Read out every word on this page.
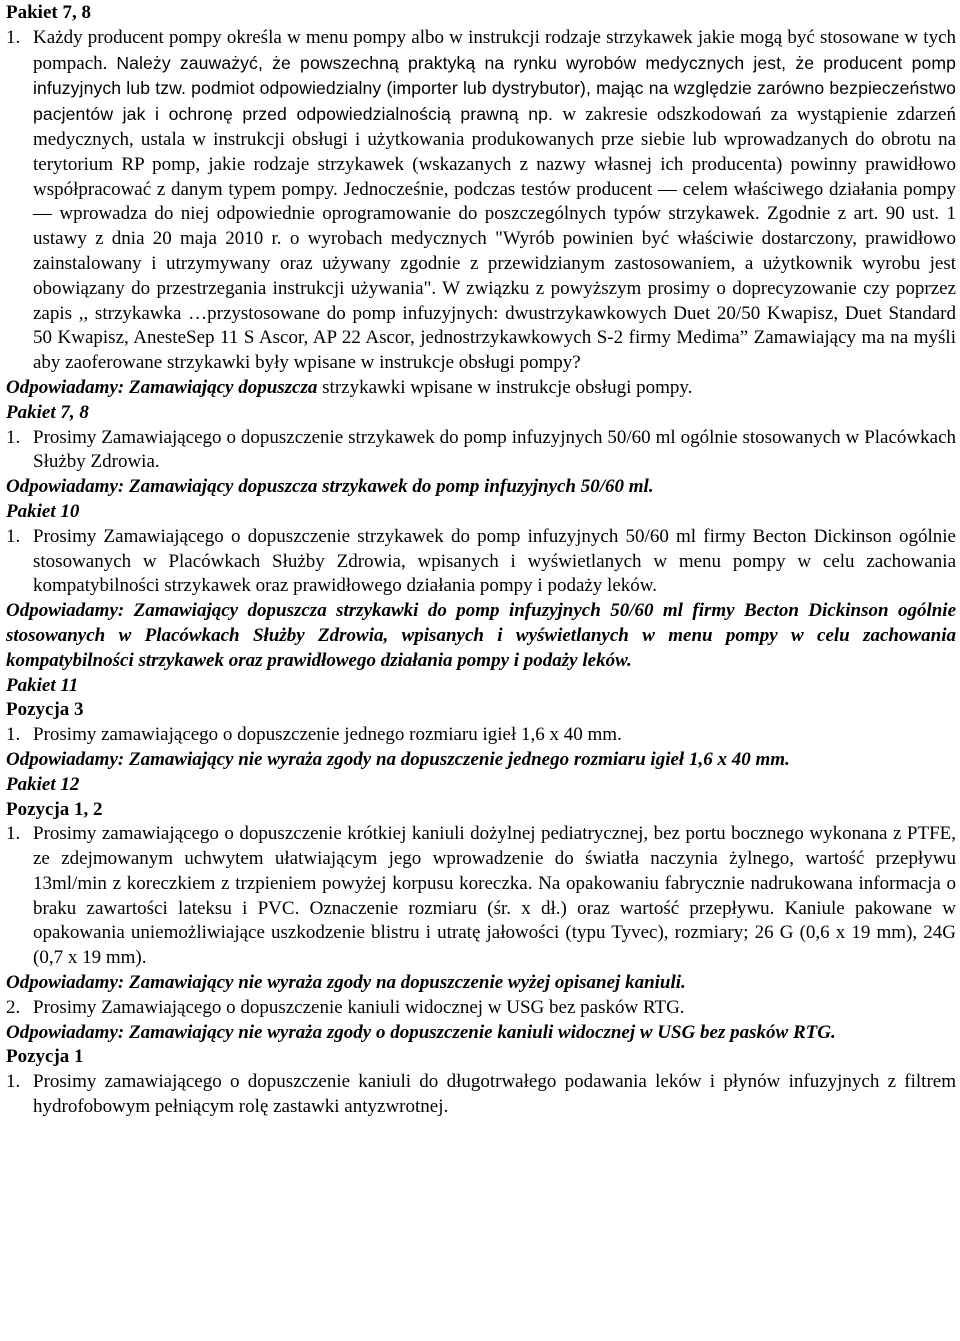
Pakiet 7, 8

1. Każdy producent pompy określa w menu pompy albo w instrukcji rodzaje strzykawek jakie mogą być stosowane w tych pompach. Należy zauważyć, że powszechną praktyką na rynku wyrobów medycznych jest, że producent pomp infuzyjnych lub tzw. podmiot odpowiedzialny (importer lub dystrybutor), mając na względzie zarówno bezpieczeństwo pacjentów jak i ochronę przed odpowiedzialnością prawną np. w zakresie odszkodowań za wystąpienie zdarzeń medycznych, ustala w instrukcji obsługi i użytkowania produkowanych prze siebie lub wprowadzanych do obrotu na terytorium RP pomp, jakie rodzaje strzykawek (wskazanych z nazwy własnej ich producenta) powinny prawidłowo współpracować z danym typem pompy. Jednocześnie, podczas testów producent — celem właściwego działania pompy — wprowadza do niej odpowiednie oprogramowanie do poszczególnych typów strzykawek. Zgodnie z art. 90 ust. 1 ustawy z dnia 20 maja 2010 r. o wyrobach medycznych "Wyrób powinien być właściwie dostarczony, prawidłowo zainstalowany i utrzymywany oraz używany zgodnie z przewidzianym zastosowaniem, a użytkownik wyrobu jest obowiązany do przestrzegania instrukcji używania". W związku z powyższym prosimy o doprecyzowanie czy poprzez zapis ,, strzykawka …przystosowane do pomp infuzyjnych: dwustrzykawkowych Duet 20/50 Kwapisz, Duet Standard 50 Kwapisz, AnesteSep 11 S Ascor, AP 22 Ascor, jednostrzykawkowych S-2 firmy Medima” Zamawiający ma na myśli aby zaoferowane strzykawki były wpisane w instrukcje obsługi pompy?

Odpowiadamy: Zamawiający dopuszcza strzykawki wpisane w instrukcje obsługi pompy.

Pakiet 7, 8

1. Prosimy Zamawiającego o dopuszczenie strzykawek do pomp infuzyjnych 50/60 ml ogólnie stosowanych w Placówkach Służby Zdrowia.

Odpowiadamy: Zamawiający dopuszcza strzykawek do pomp infuzyjnych 50/60 ml.

Pakiet 10

1. Prosimy Zamawiającego o dopuszczenie strzykawek do pomp infuzyjnych 50/60 ml firmy Becton Dickinson ogólnie stosowanych w Placówkach Służby Zdrowia, wpisanych i wyświetlanych w menu pompy w celu zachowania kompatybilności strzykawek oraz prawidłowego działania pompy i podaży leków.

Odpowiadamy: Zamawiający dopuszcza strzykawki do pomp infuzyjnych 50/60 ml firmy Becton Dickinson ogólnie stosowanych w Placówkach Służby Zdrowia, wpisanych i wyświetlanych w menu pompy w celu zachowania kompatybilności strzykawek oraz prawidłowego działania pompy i podaży leków.

Pakiet 11

Pozycja 3

1. Prosimy zamawiającego o dopuszczenie jednego rozmiaru igieł 1,6 x 40 mm.

Odpowiadamy: Zamawiający nie wyraża zgody na dopuszczenie jednego rozmiaru igieł 1,6 x 40 mm.

Pakiet 12

Pozycja 1, 2

1. Prosimy zamawiającego o dopuszczenie krótkiej kaniuli dożylnej pediatrycznej, bez portu bocznego wykonana z PTFE, ze zdejmowanym uchwytem ułatwiającym jego wprowadzenie do światła naczynia żylnego, wartość przepływu 13ml/min z koreczkiem z trzpieniem powyżej korpusu koreczka. Na opakowaniu fabrycznie nadrukowana informacja o braku zawartości lateksu i PVC. Oznaczenie rozmiaru (śr. x dł.) oraz wartość przepływu. Kaniule pakowane w opakowania uniemożliwiające uszkodzenie blistru i utratę jałowości (typu Tyvec), rozmiary; 26 G (0,6 x 19 mm), 24G (0,7 x 19 mm).

Odpowiadamy: Zamawiający nie wyraża zgody na dopuszczenie wyżej opisanej kaniuli.

2. Prosimy Zamawiającego o dopuszczenie kaniuli widocznej w USG bez pasków RTG.

Odpowiadamy: Zamawiający nie wyraża zgody o dopuszczenie kaniuli widocznej w USG bez pasków RTG.

Pozycja 1

1. Prosimy zamawiającego o dopuszczenie kaniuli do długotrwałego podawania leków i płynów infuzyjnych z filtrem hydrofobowym pełniącym rolę zastawki antyzwrotnej.
